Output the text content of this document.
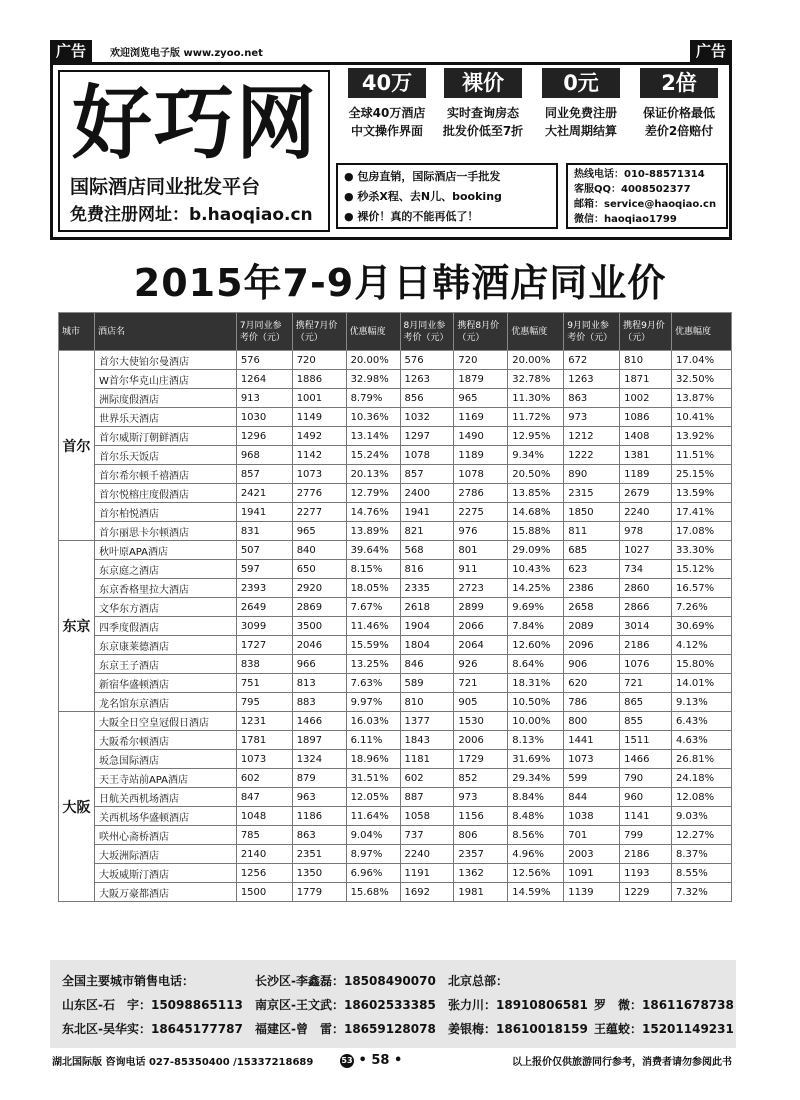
广告	欢迎浏览电子版 www.zyoo.net	广告
好巧网
国际酒店同业批发平台
免费注册网址：b.haoqiao.cn
40万
全球40万酒店
中文操作界面
裸价
实时查询房态
批发价低至7折
0元
同业免费注册
大社周期结算
2倍
保证价格最低
差价2倍赔付
● 包房直销，国际酒店一手批发
● 秒杀X程、去N儿、booking
● 裸价！真的不能再低了！
热线电话：010-88571314
客服QQ：4008502377
邮箱：service@haoqiao.cn
微信：haoqiao1799
2015年7-9月日韩酒店同业价
城市	酒店名	7月同业参考价（元）	携程7月价（元）	优惠幅度	8月同业参考价（元）	携程8月价（元）	优惠幅度	9月同业参考价（元）	携程9月价（元）	优惠幅度
首尔	首尔大使铂尔曼酒店	576	720	20.00%	576	720	20.00%	672	810	17.04%
	W首尔华克山庄酒店	1264	1886	32.98%	1263	1879	32.78%	1263	1871	32.50%
	洲际度假酒店	913	1001	8.79%	856	965	11.30%	863	1002	13.87%
	世界乐天酒店	1030	1149	10.36%	1032	1169	11.72%	973	1086	10.41%
	首尔威斯汀朝鲜酒店	1296	1492	13.14%	1297	1490	12.95%	1212	1408	13.92%
	首尔乐天饭店	968	1142	15.24%	1078	1189	9.34%	1222	1381	11.51%
	首尔希尔顿千禧酒店	857	1073	20.13%	857	1078	20.50%	890	1189	25.15%
	首尔悦榕庄度假酒店	2421	2776	12.79%	2400	2786	13.85%	2315	2679	13.59%
	首尔柏悦酒店	1941	2277	14.76%	1941	2275	14.68%	1850	2240	17.41%
	首尔丽思卡尔顿酒店	831	965	13.89%	821	976	15.88%	811	978	17.08%
东京	秋叶原APA酒店	507	840	39.64%	568	801	29.09%	685	1027	33.30%
	东京庭之酒店	597	650	8.15%	816	911	10.43%	623	734	15.12%
	东京香格里拉大酒店	2393	2920	18.05%	2335	2723	14.25%	2386	2860	16.57%
	文华东方酒店	2649	2869	7.67%	2618	2899	9.69%	2658	2866	7.26%
	四季度假酒店	3099	3500	11.46%	1904	2066	7.84%	2089	3014	30.69%
	东京康莱德酒店	1727	2046	15.59%	1804	2064	12.60%	2096	2186	4.12%
	东京王子酒店	838	966	13.25%	846	926	8.64%	906	1076	15.80%
	新宿华盛顿酒店	751	813	7.63%	589	721	18.31%	620	721	14.01%
	龙名馆东京酒店	795	883	9.97%	810	905	10.50%	786	865	9.13%
大阪	大阪全日空皇冠假日酒店	1231	1466	16.03%	1377	1530	10.00%	800	855	6.43%
	大阪希尔顿酒店	1781	1897	6.11%	1843	2006	8.13%	1441	1511	4.63%
	坂急国际酒店	1073	1324	18.96%	1181	1729	31.69%	1073	1466	26.81%
	天王寺站前APA酒店	602	879	31.51%	602	852	29.34%	599	790	24.18%
	日航关西机场酒店	847	963	12.05%	887	973	8.84%	844	960	12.08%
	关西机场华盛顿酒店	1048	1186	11.64%	1058	1156	8.48%	1038	1141	9.03%
	咲州心斋桥酒店	785	863	9.04%	737	806	8.56%	701	799	12.27%
	大坂洲际酒店	2140	2351	8.97%	2240	2357	4.96%	2003	2186	8.37%
	大坂威斯汀酒店	1256	1350	6.96%	1191	1362	12.56%	1091	1193	8.55%
	大阪万豪都酒店	1500	1779	15.68%	1692	1981	14.59%	1139	1229	7.32%
全国主要城市销售电话：	长沙区-李鑫磊：18508490070 北京总部：
山东区-石　宇：15098865113 南京区-王文武：18602533385 张力川：18910806581 罗　微：18611678738
东北区-吴华实：18645177787 福建区-曾　雷：18659128078 姜银梅：18610018159 王蕴蛟：15201149231
湖北国际版 咨询电话 027-85350400 /15337218689	53 • 58 •	以上报价仅供旅游同行参考，消费者请勿参阅此书
